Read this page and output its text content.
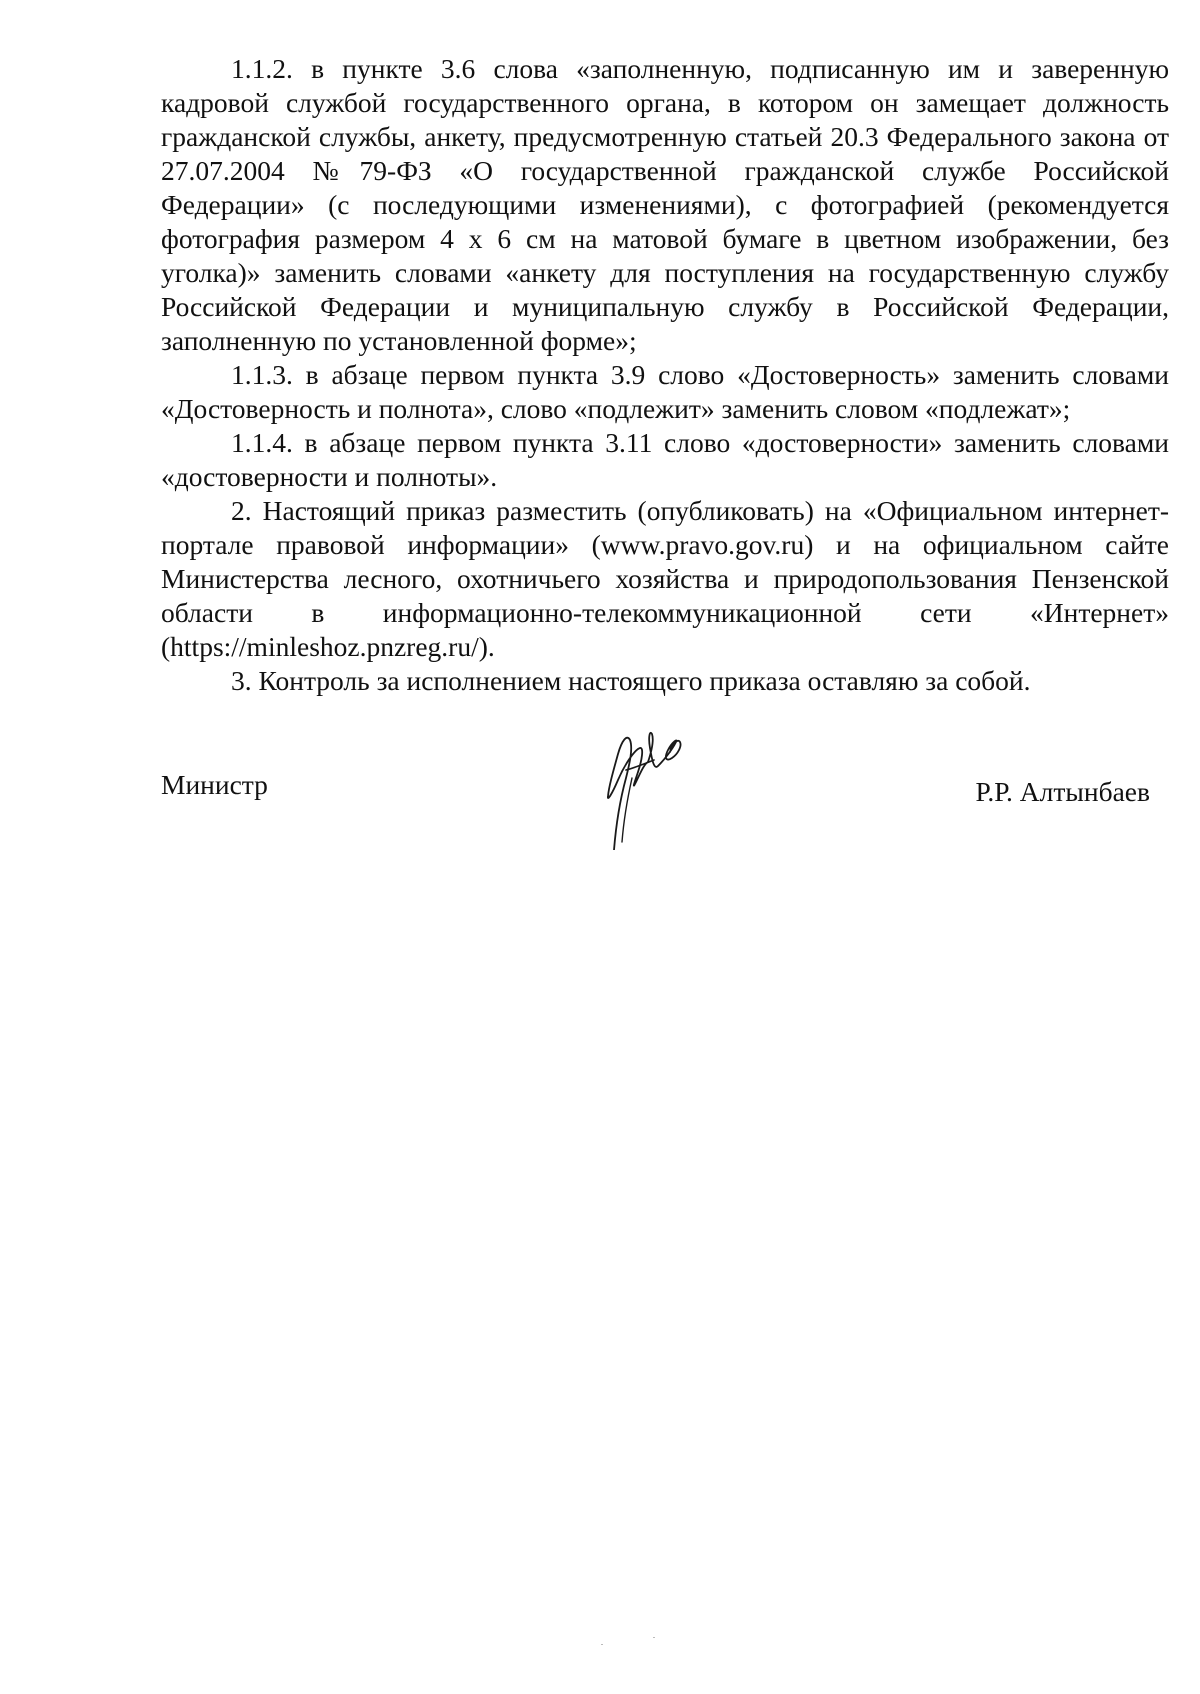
1.1.2. в пункте 3.6 слова «заполненную, подписанную им и заверенную кадровой службой государственного органа, в котором он замещает должность гражданской службы, анкету, предусмотренную статьей 20.3 Федерального закона от 27.07.2004 №79-ФЗ «О государственной гражданской службе Российской Федерации» (с последующими изменениями), с фотографией (рекомендуется фотография размером 4 х 6 см на матовой бумаге в цветном изображении, без уголка)» заменить словами «анкету для поступления на государственную службу Российской Федерации и муниципальную службу в Российской Федерации, заполненную по установленной форме»;

1.1.3. в абзаце первом пункта 3.9 слово «Достоверность» заменить словами «Достоверность и полнота», слово «подлежит» заменить словом «подлежат»;

1.1.4. в абзаце первом пункта 3.11 слово «достоверности» заменить словами «достоверности и полноты».

2. Настоящий приказ разместить (опубликовать) на «Официальном интернет-портале правовой информации» (www.pravo.gov.ru) и на официальном сайте Министерства лесного, охотничьего хозяйства и природопользования Пензенской области в информационно-телекоммуникационной сети «Интернет» (https://minleshoz.pnzreg.ru/).

3. Контроль за исполнением настоящего приказа оставляю за собой.

Министр	Р.Р. Алтынбаев
